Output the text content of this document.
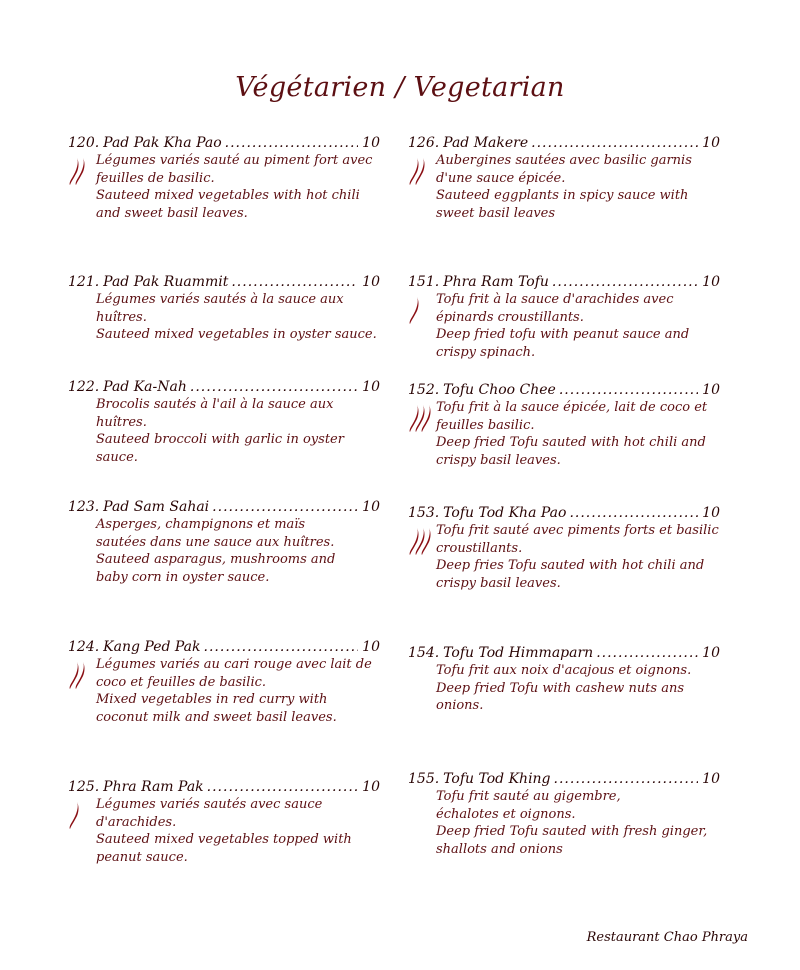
Végétarien / Vegetarian
120. Pad Pak Kha Pao .....	10
Légumes variés sauté au piment fort avec feuilles de basilic.
Sauteed mixed vegetables with hot chili and sweet basil leaves.
121. Pad Pak Ruammit .....	10
Légumes variés sautés à la sauce aux huîtres.
Sauteed mixed vegetables in oyster sauce.
122. Pad Ka-Nah .....	10
Brocolis sautés à l'ail à la sauce aux huîtres.
Sauteed broccoli with garlic in oyster sauce.
123. Pad Sam Sahai .....	10
Asperges, champignons et maïs sautées dans une sauce aux huîtres.
Sauteed asparagus, mushrooms and baby corn in oyster sauce.
124. Kang Ped Pak .....	10
Légumes variés au cari rouge avec lait de coco et feuilles de basilic.
Mixed vegetables in red curry with coconut milk and sweet basil leaves.
125. Phra Ram Pak .....	10
Légumes variés sautés avec sauce d'arachides.
Sauteed mixed vegetables topped with peanut sauce.
126. Pad Makere .....	10
Aubergines sautées avec basilic garnis d'une sauce épicée.
Sauteed eggplants in spicy sauce with sweet basil leaves
151. Phra Ram Tofu .....	10
Tofu frit à la sauce d'arachides avec épinards croustillants.
Deep fried tofu with peanut sauce and crispy spinach.
152. Tofu Choo Chee .....	10
Tofu frit à la sauce épicée, lait de coco et feuilles basilic.
Deep fried Tofu sauted with hot chili and crispy basil leaves.
153. Tofu Tod Kha Pao .....	10
Tofu frit sauté avec piments forts et basilic croustillants.
Deep fries Tofu sauted with hot chili and crispy basil leaves.
154. Tofu Tod Himmaparn .....	10
Tofu frit aux noix d'acajous et oignons.
Deep fried Tofu with cashew nuts ans onions.
155. Tofu Tod Khing .....	10
Tofu frit sauté au gigembre, échalotes et oignons.
Deep fried Tofu sauted with fresh ginger, shallots and onions
Restaurant Chao Phraya
